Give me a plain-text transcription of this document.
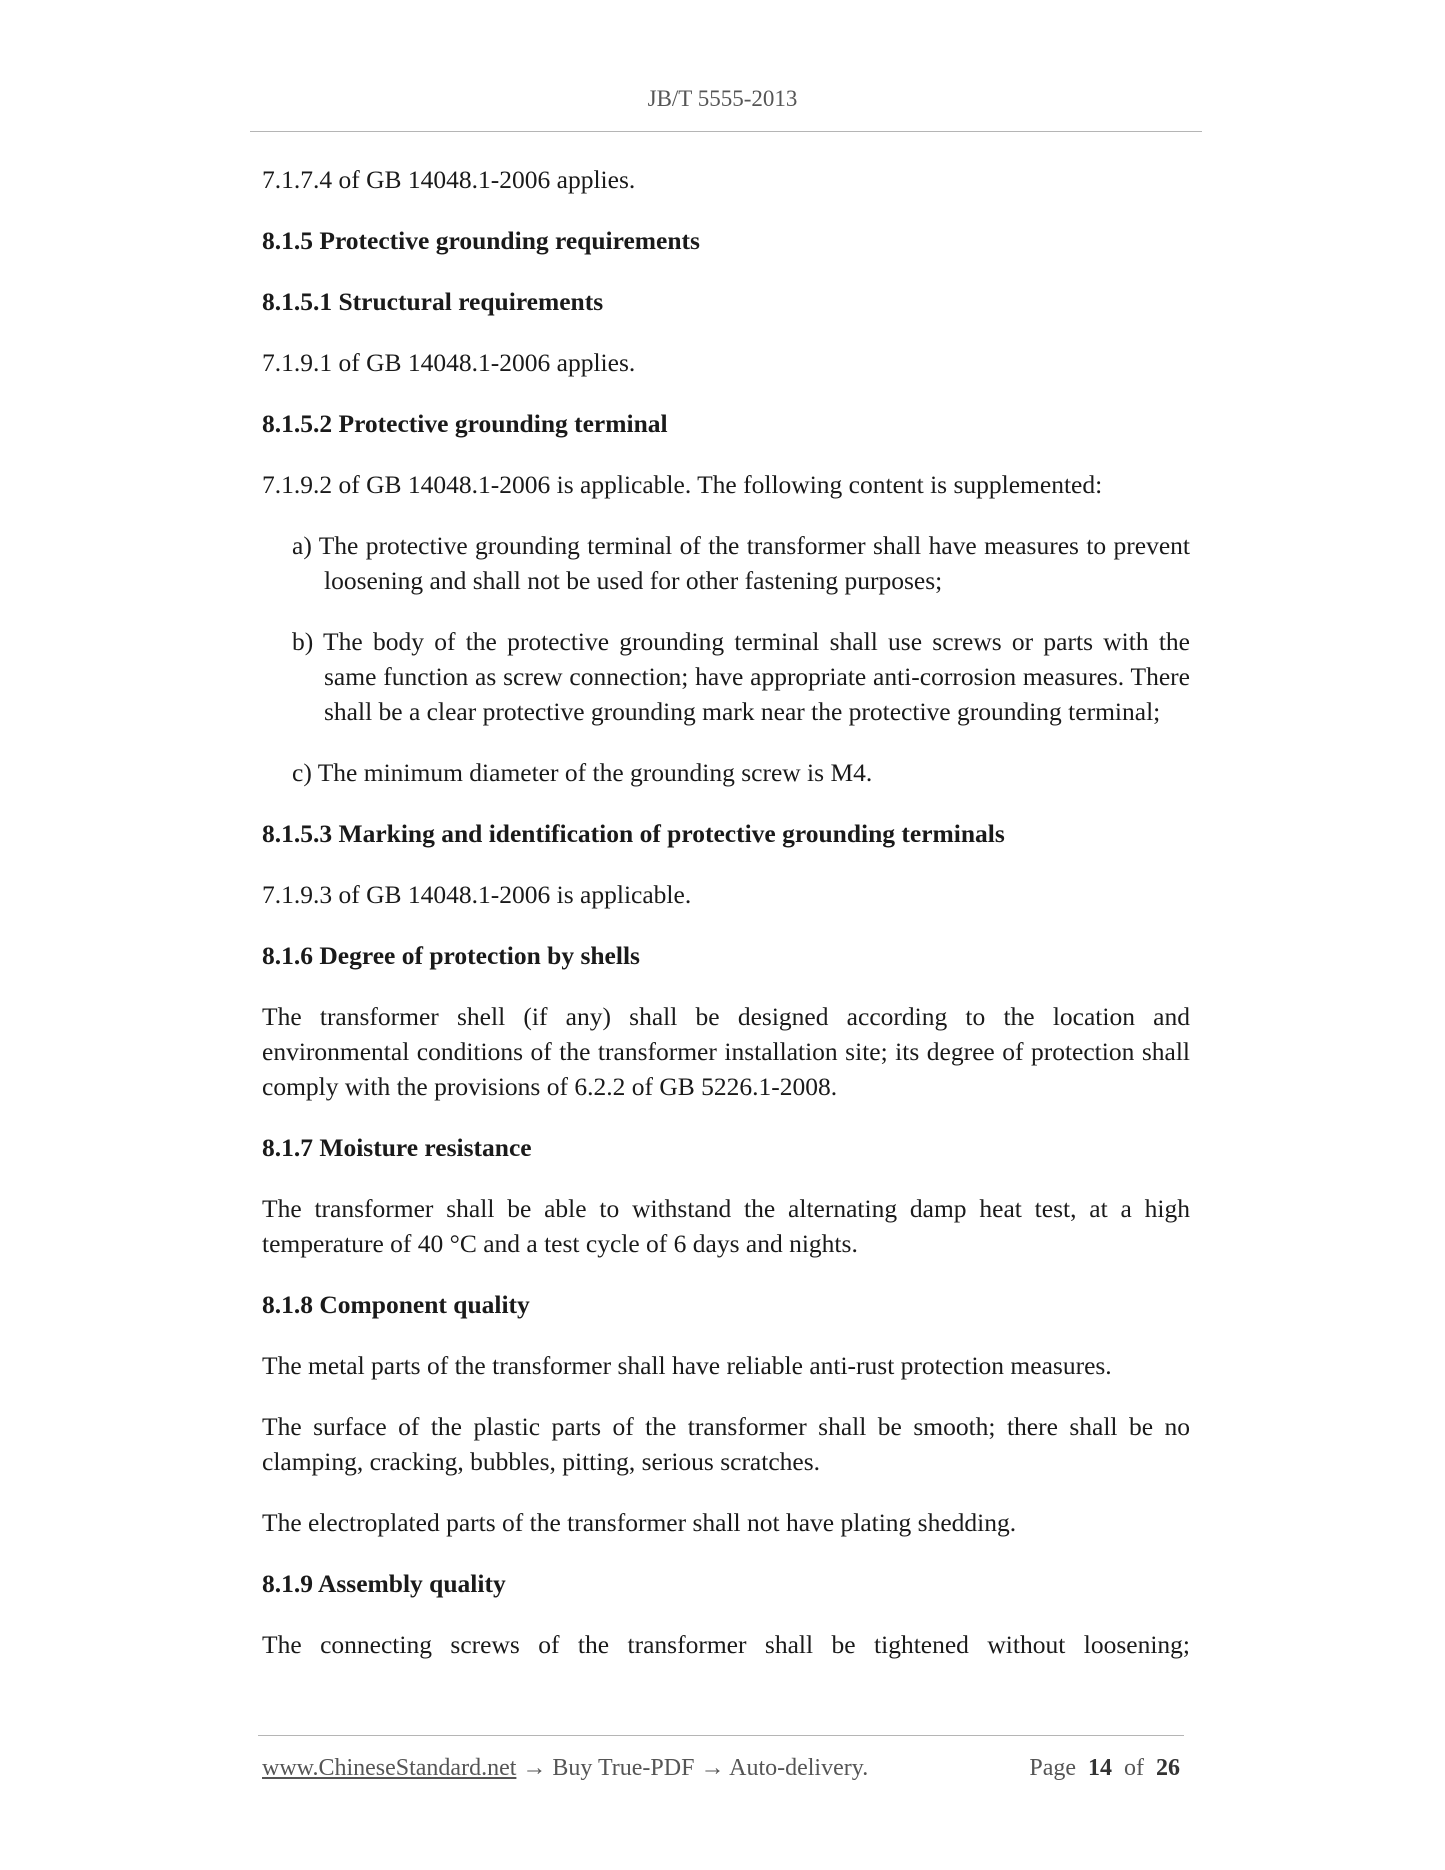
JB/T 5555-2013

7.1.7.4 of GB 14048.1-2006 applies.

8.1.5 Protective grounding requirements

8.1.5.1 Structural requirements

7.1.9.1 of GB 14048.1-2006 applies.

8.1.5.2 Protective grounding terminal

7.1.9.2 of GB 14048.1-2006 is applicable. The following content is supplemented:

a) The protective grounding terminal of the transformer shall have measures to prevent loosening and shall not be used for other fastening purposes;

b) The body of the protective grounding terminal shall use screws or parts with the same function as screw connection; have appropriate anti-corrosion measures. There shall be a clear protective grounding mark near the protective grounding terminal;

c) The minimum diameter of the grounding screw is M4.

8.1.5.3 Marking and identification of protective grounding terminals

7.1.9.3 of GB 14048.1-2006 is applicable.

8.1.6 Degree of protection by shells

The transformer shell (if any) shall be designed according to the location and environmental conditions of the transformer installation site; its degree of protection shall comply with the provisions of 6.2.2 of GB 5226.1-2008.

8.1.7 Moisture resistance

The transformer shall be able to withstand the alternating damp heat test, at a high temperature of 40 °C and a test cycle of 6 days and nights.

8.1.8 Component quality

The metal parts of the transformer shall have reliable anti-rust protection measures.

The surface of the plastic parts of the transformer shall be smooth; there shall be no clamping, cracking, bubbles, pitting, serious scratches.

The electroplated parts of the transformer shall not have plating shedding.

8.1.9 Assembly quality

The connecting screws of the transformer shall be tightened without loosening;

www.ChineseStandard.net → Buy True-PDF → Auto-delivery.	Page 14 of 26
